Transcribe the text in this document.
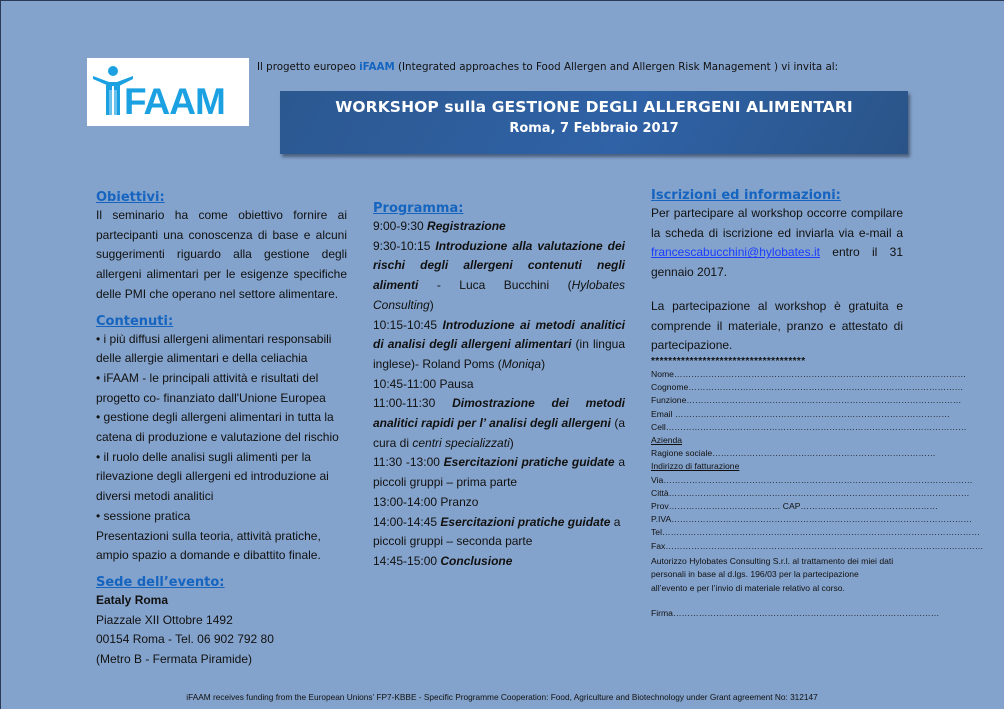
FAAM
Il progetto europeo iFAAM (Integrated approaches to Food Allergen and Allergen Risk Management ) vi invita al:
WORKSHOP sulla GESTIONE DEGLI ALLERGENI ALIMENTARI
Roma, 7 Febbraio 2017
Obiettivi:

Il seminario ha come obiettivo fornire ai partecipanti una conoscenza di base e alcuni suggerimenti riguardo alla gestione degli allergeni alimentari per le esigenze specifiche delle PMI che operano nel settore alimentare.

Contenuti:

• i più diffusi allergeni alimentari responsabili delle allergie alimentari e della celiachia

• iFAAM - le principali attività e risultati del progetto co- finanziato dall'Unione Europea

• gestione degli allergeni alimentari in tutta la catena di produzione e valutazione del rischio

• il ruolo delle analisi sugli alimenti per la rilevazione degli allergeni ed introduzione ai diversi metodi analitici

• sessione pratica

Presentazioni sulla teoria, attività pratiche, ampio spazio a domande e dibattito finale.

Sede dell’evento:

Eataly Roma

Piazzale XII Ottobre 1492

00154 Roma - Tel. 06 902 792 80

(Metro B - Fermata Piramide)

Programma:

9:00-9:30 Registrazione

9:30-10:15 Introduzione alla valutazione dei rischi degli allergeni contenuti negli alimenti - Luca Bucchini (Hylobates Consulting)

10:15-10:45 Introduzione ai metodi analitici di analisi degli allergeni alimentari (in lingua inglese)- Roland Poms (Moniqa)

10:45-11:00 Pausa

11:00-11:30 Dimostrazione dei metodi analitici rapidi per l’ analisi degli allergeni (a cura di centri specializzati)

11:30 -13:00 Esercitazioni pratiche guidate a piccoli gruppi – prima parte

13:00-14:00 Pranzo

14:00-14:45 Esercitazioni pratiche guidate a piccoli gruppi – seconda parte

14:45-15:00 Conclusione

Iscrizioni ed informazioni:

Per partecipare al workshop occorre compilare la scheda di iscrizione ed inviarla via e-mail a francescabucchini@hylobates.it entro il 31 gennaio 2017.

La partecipazione al workshop è gratuita e comprende il materiale, pranzo e attestato di partecipazione.

************************************
Nome…………………………………………………………………………………………
Cognome……………………………………………………………………………………
Funzione……………………………………………………………………………………
Email ……………………………………………………………………………………
Cell……………………………………………………………………………………………
Azienda
Ragione sociale……………………………………………………………………
Indirizzo di fatturazione
Via………………………………………………………………………………………………
Città……………………………………………………………………………………………
Prov………………………………… CAP…………………………………………
P.IVA……………………………………………………………………………………………
Tel…………………………………………………………………………………………………
Fax…………………………………………………………………………………………………
Autorizzo Hylobates Consulting S.r.l. al trattamento dei miei dati personali in base al d.lgs. 196/03 per la partecipazione all’evento e per l’invio di materiale relativo al corso.
Firma…………………………………………………………………………………
iFAAM receives funding from the European Unions’ FP7-KBBE - Specific Programme Cooperation: Food, Agriculture and Biotechnology under Grant agreement No: 312147
